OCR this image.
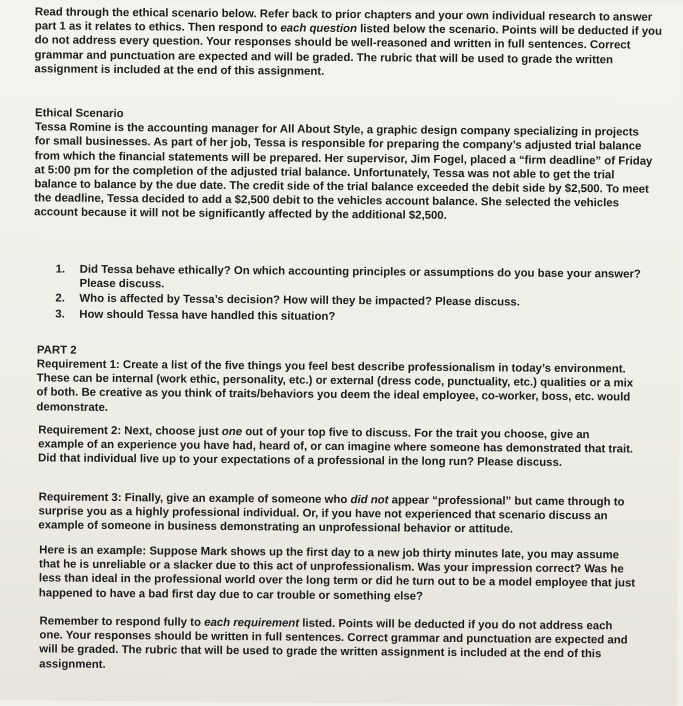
Read through the ethical scenario below. Refer back to prior chapters and your own individual research to answer part 1 as it relates to ethics. Then respond to each question listed below the scenario. Points will be deducted if you do not address every question. Your responses should be well-reasoned and written in full sentences. Correct grammar and punctuation are expected and will be graded. The rubric that will be used to grade the written assignment is included at the end of this assignment.

Ethical Scenario

Tessa Romine is the accounting manager for All About Style, a graphic design company specializing in projects for small businesses. As part of her job, Tessa is responsible for preparing the company’s adjusted trial balance from which the financial statements will be prepared. Her supervisor, Jim Fogel, placed a “firm deadline” of Friday at 5:00 pm for the completion of the adjusted trial balance. Unfortunately, Tessa was not able to get the trial balance to balance by the due date. The credit side of the trial balance exceeded the debit side by $2,500. To meet the deadline, Tessa decided to add a $2,500 debit to the vehicles account balance. She selected the vehicles account because it will not be significantly affected by the additional $2,500.

1.	Did Tessa behave ethically? On which accounting principles or assumptions do you base your answer? Please discuss.
2.	Who is affected by Tessa’s decision? How will they be impacted? Please discuss.
3.	How should Tessa have handled this situation?

PART 2

Requirement 1: Create a list of the five things you feel best describe professionalism in today’s environment. These can be internal (work ethic, personality, etc.) or external (dress code, punctuality, etc.) qualities or a mix of both. Be creative as you think of traits/behaviors you deem the ideal employee, co-worker, boss, etc. would demonstrate.

Requirement 2: Next, choose just one out of your top five to discuss. For the trait you choose, give an example of an experience you have had, heard of, or can imagine where someone has demonstrated that trait. Did that individual live up to your expectations of a professional in the long run? Please discuss.

Requirement 3: Finally, give an example of someone who did not appear “professional” but came through to surprise you as a highly professional individual. Or, if you have not experienced that scenario discuss an example of someone in business demonstrating an unprofessional behavior or attitude.

Here is an example: Suppose Mark shows up the first day to a new job thirty minutes late, you may assume that he is unreliable or a slacker due to this act of unprofessionalism. Was your impression correct? Was he less than ideal in the professional world over the long term or did he turn out to be a model employee that just happened to have a bad first day due to car trouble or something else?

Remember to respond fully to each requirement listed. Points will be deducted if you do not address each one. Your responses should be written in full sentences. Correct grammar and punctuation are expected and will be graded. The rubric that will be used to grade the written assignment is included at the end of this assignment.
